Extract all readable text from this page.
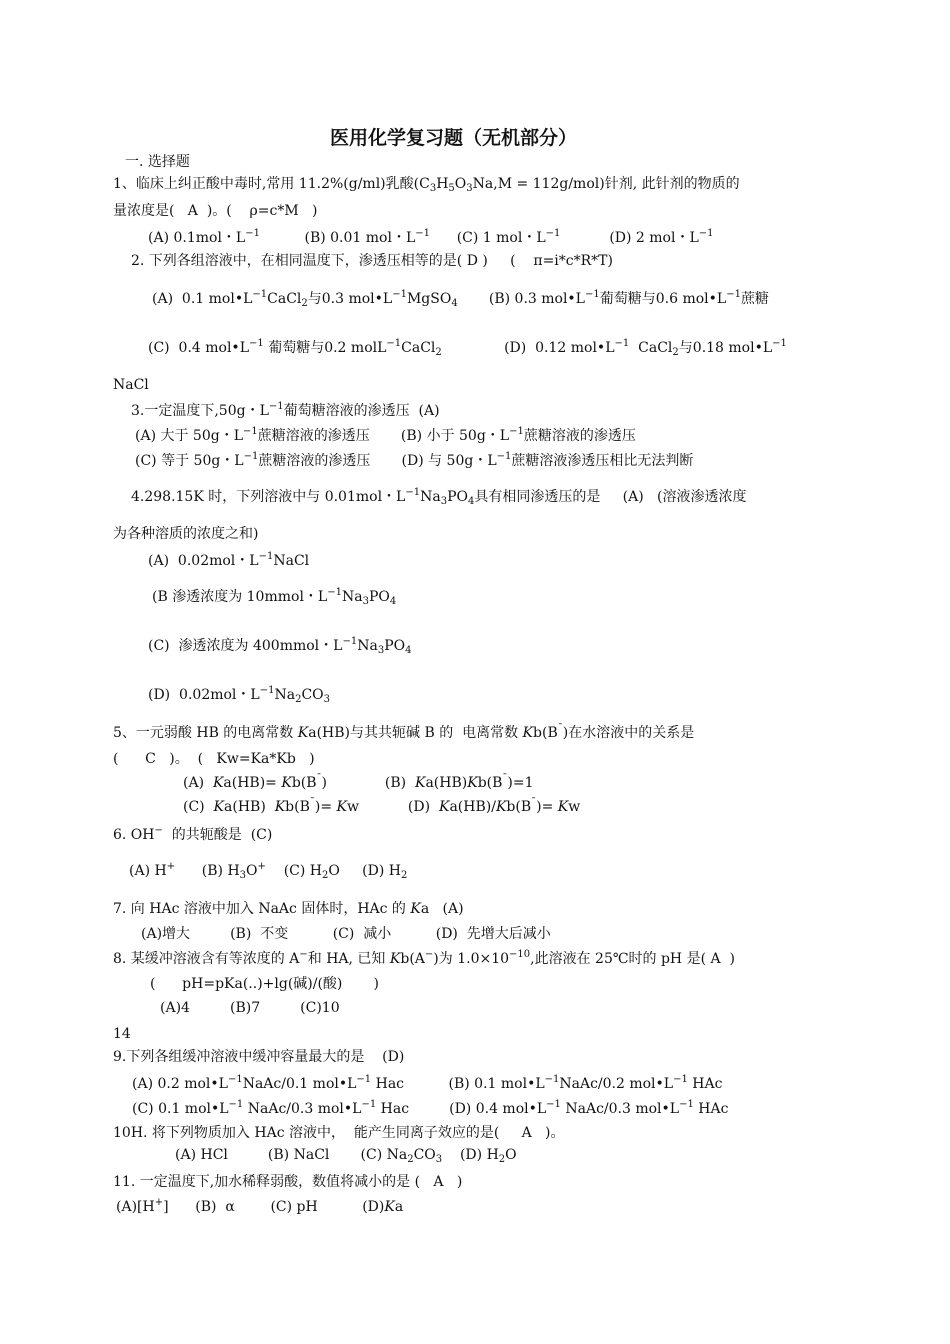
医用化学复习题（无机部分）
一. 选择题
1、临床上纠正酸中毒时,常用 11.2%(g/ml)乳酸$(C_3H_5O_3Na,M = 112g/mol)$针剂, 此针剂的物质的
量浓度是(   A  )。(    ρ=c*M   )
(A) 0.1mol・$L^{-1}$          (B) 0.01 mol・$L^{-1}$      (C) 1 mol・$L^{-1}$           (D) 2 mol・$L^{-1}$
2. 下列各组溶液中，在相同温度下，渗透压相等的是( D )     (    π=i*c*R*T)
(A)  0.1 $mol•L^{-1}CaCl_2$与0.3 $mol•L^{-1}MgSO_4$       (B) 0.3 $mol•L^{-1}$葡萄糖与0.6 $mol•L^{-1}$蔗糖
(C)  0.4 $mol•L^{-1}$ 葡萄糖与0.2 molL$^{-1}$CaCl$_2$              (D)  0.12 $mol•L^{-1}$  CaCl$_2$与0.18 $mol•L^{-1}$
NaCl
3.一定温度下,50g・$L^{-1}$葡萄糖溶液的渗透压  (A)
(A) 大于 50g・$L^{-1}$蔗糖溶液的渗透压       (B) 小于 50g・$L^{-1}$蔗糖溶液的渗透压
(C) 等于 50g・$L^{-1}$蔗糖溶液的渗透压       (D) 与 50g・$L^{-1}$蔗糖溶液渗透压相比无法判断
4.298.15K 时，下列溶液中与 0.01mol・$L^{-1}Na_3PO_4$具有相同渗透压的是     (A)   (溶液渗透浓度
为各种溶质的浓度之和)
(A)  0.02mol・$L^{-1}NaCl$
(B 渗透浓度为 10mmol・$L^{-1}Na_3PO_4$
(C)  渗透浓度为 400mmol・$L^{-1}Na_3PO_4$
(D)  0.02mol・$L^{-1}Na_2CO_3$
5、一元弱酸 HB 的电离常数 Ka(HB)与其共轭碱 B 的  电离常数 Kb(B¯)在水溶液中的关系是
(      C   )。  (   Kw=Ka*Kb   )
(A)  Ka(HB)= Kb(B¯)             (B)  Ka(HB)Kb(B¯)=1
(C)  Ka(HB)  Kb(B¯)= Kw           (D)  Ka(HB)/Kb(B¯)= Kw
6. OH−  的共轭酸是  (C)
(A) H+      (B) $H_3O^+$    (C) $H_2O$     (D) $H_2$
7. 向 HAc 溶液中加入 NaAc 固体时，HAc 的 Ka   (A)
(A)增大         (B)  不变          (C)  减小          (D)  先增大后减小
8. 某缓冲溶液含有等浓度的 A−和 HA, 已知 Kb(A−)为 $1.0\times 10^{-10}$,此溶液在 25℃时的 pH 是( A  )
(      pH=pKa(..)+lg(碱)/(酸)       )
(A)4         (B)7         (C)10
14
9.下列各组缓冲溶液中缓冲容量最大的是    (D)
(A) 0.2 $mol•L^{-1}NaAc/0.1$ $mol•L^{-1}$ Hac          (B) 0.1 $mol•L^{-1}NaAc/0.2$ $mol•L^{-1}$ HAc
(C) 0.1 $mol•L^{-1}$ NaAc/0.3 $mol•L^{-1}$ Hac         (D) 0.4 $mol•L^{-1}$ NaAc/0.3 $mol•L^{-1}$ HAc
10H. 将下列物质加入 HAc 溶液中，  能产生同离子效应的是(     A   )。
(A) HCl         (B) NaCl       (C) $Na_2CO_3$    (D) $H_2O$
11. 一定温度下,加水稀释弱酸，数值将减小的是 (   A   )
(A)[H+]      (B)  α        (C) pH          (D)Ka
